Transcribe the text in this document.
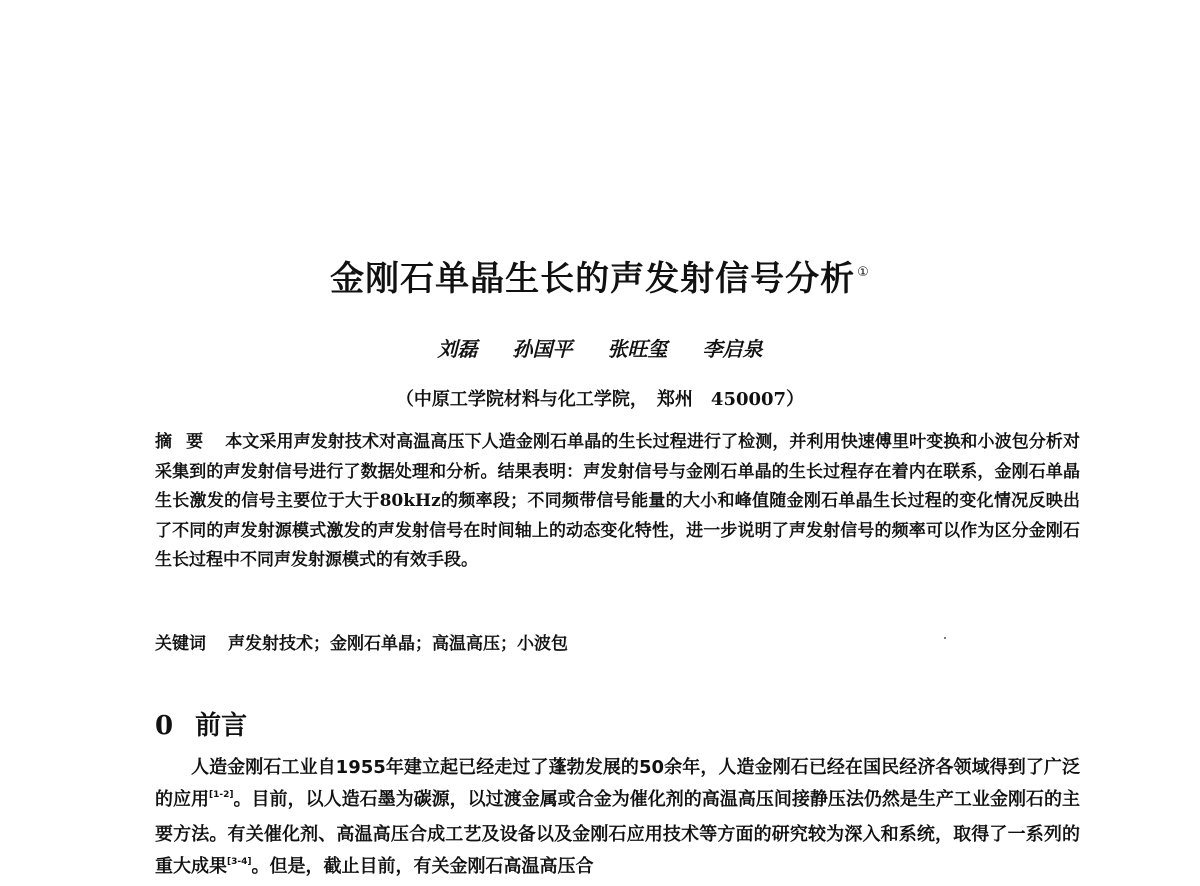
金刚石单晶生长的声发射信号分析 ①
刘磊 孙国平 张旺玺 李启泉
（中原工学院材料与化工学院，　郑州　450007）
摘要 本文采用声发射技术对高温高压下人造金刚石单晶的生长过程进行了检测，并利用快速傅里叶变换和小波包分析对采集到的声发射信号进行了数据处理和分析。结果表明：声发射信号与金刚石单晶的生长过程存在着内在联系，金刚石单晶生长激发的信号主要位于大于80kHz的频率段；不同频带信号能量的大小和峰值随金刚石单晶生长过程的变化情况反映出了不同的声发射源模式激发的声发射信号在时间轴上的动态变化特性，进一步说明了声发射信号的频率可以作为区分金刚石生长过程中不同声发射源模式的有效手段。
关键词 声发射技术；金刚石单晶；高温高压；小波包
0 前言
人造金刚石工业自1955年建立起已经走过了蓬勃发展的50余年，人造金刚石已经在国民经济各领域得到了广泛的应用[1-2]。目前，以人造石墨为碳源，以过渡金属或合金为催化剂的高温高压间接静压法仍然是生产工业金刚石的主要方法。有关催化剂、高温高压合成工艺及设备以及金刚石应用技术等方面的研究较为深入和系统，取得了一系列的重大成果[3-4]。但是，截止目前，有关金刚石高温高压合
